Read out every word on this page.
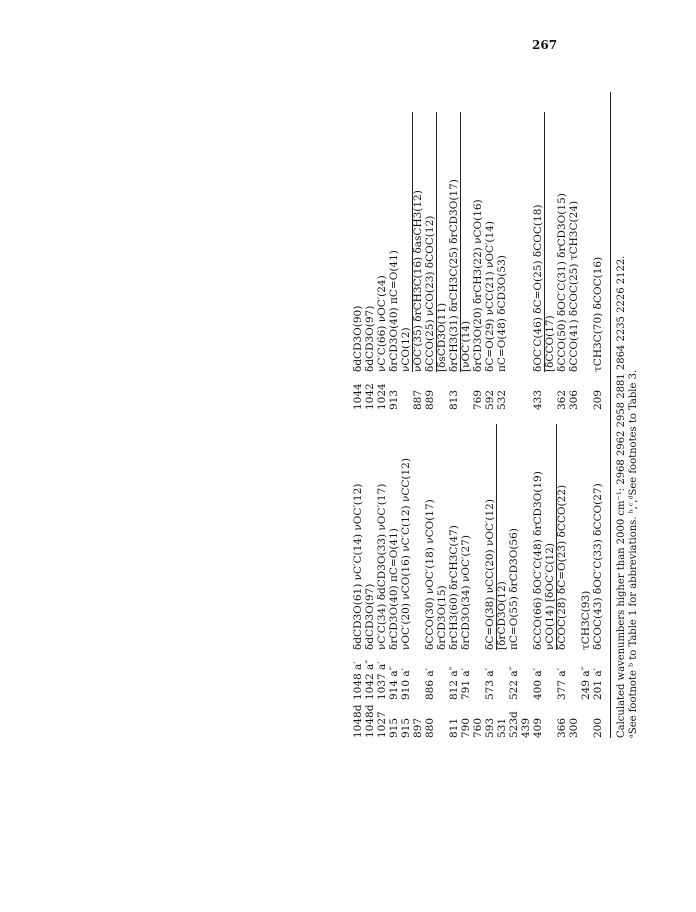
267
1048d
1048 a′
δdCD3O(61) νC′C(14) νOC′(12)
1044
δdCD3O(90)
1048d
1042 a″
δdCD3O(97)
1042
δdCD3O(97)
1027
1037 a′
νC′C(34) δdCD3O(33) νOC′(17)
1024
νC′C(66) νOC′(24)
915
914 a″
δrCD3O(40) πC=O(41)
913
δrCD3O(40) πC=O(41)
915
910 a′
νOC′(20) νCO(16) νC′C(12) νCC(12)
νCO(12)
897
887
νOC′(35) δrCH3C(16) δasCH3(12)
880
886 a′
δCCO(30) νOC′(18) νCO(17)
889
δCCO(25) νCO(23) δCOC(12)
δrCD3O(15)
[δsCD3O(11)
811
812 a″
δrCH3(60) δrCH3C(47)
813
δrCH3(31) δrCH3C(25) δrCD3O(17)
790
791 a′
δrCD3O(34) νOC′(27)
[νOC′(14)
760
769
δrCD3O(20) δrCH3(22) νCO(16)
593
573 a′
δC=O(38) νCC(20) νOC′(12)
592
δC=O(29) νCC(21) νOC′(14)
531
[δrCD3O(12)
532
πC=O(48) δCD3O(53)
523d
522 a″
πC=O(55) δrCD3O(56)
439 409
400 a′
δCCO(66) δOC′C(48) δrCD3O(19)
433
δOC′C(46) δC=O(25) δCOC(18)
νCO(14) [δOC′C(12)
[δCCO(17)
366
377 a′
δCOC(28) δC=O(23) δCCO(22)
362
δCCO(50) δOC′C(31) δrCD3O(15)
300
306
δCCO(41) δCOC(25) τCH3C(24)
249 a″
τCH3C(93)
200
201 a′
δCOC(43) δOC′C(33) δCCO(27)
209
τCH3C(70) δCOC(16) Calculated wavenumbers higher than 2000 cm⁻¹: 2968 2962 2958 2881 2864 2235 2226 2122. ᵃSee footnote ᵇ to Table 1 for abbreviations. ᵇ,ᶜ,ᵈSee footnotes to Table 3.
